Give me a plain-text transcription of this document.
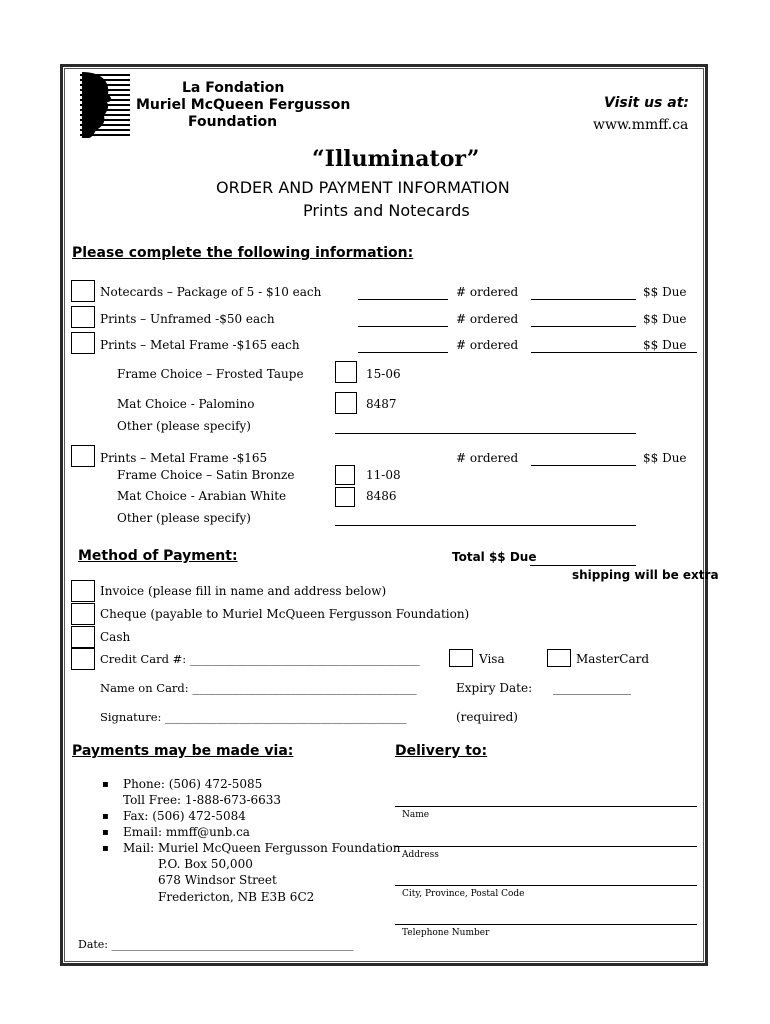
La Fondation
Muriel McQueen Fergusson
Foundation
Visit us at:
www.mmff.ca
“Illuminator”
ORDER AND PAYMENT INFORMATION
Prints and Notecards
Please complete the following information:
Notecards – Package of 5 - $10 each	# ordered	$$ Due
Prints – Unframed -$50 each	# ordered	$$ Due
Prints – Metal Frame -$165 each	# ordered	$$ Due
Frame Choice – Frosted Taupe	15-06
Mat Choice - Palomino	8487
Other (please specify)
Prints – Metal Frame -$165	# ordered	$$ Due
Frame Choice – Satin Bronze	11-08
Mat Choice - Arabian White	8486
Other (please specify)
Method of Payment:	Total $$ Due
shipping will be extra
Invoice (please fill in name and address below)
Cheque (payable to Muriel McQueen Fergusson Foundation)
Cash
Credit Card #: ________________________________________	Visa	MasterCard
Name on Card: _______________________________________	Expiry Date: _____________
Signature: __________________________________________	(required)
Payments may be made via:
▪ Phone: (506) 472-5085
Toll Free: 1-888-673-6633
▪ Fax: (506) 472-5084
▪ Email: mmff@unb.ca
▪ Mail: Muriel McQueen Fergusson Foundation
P.O. Box 50,000
678 Windsor Street
Fredericton, NB E3B 6C2
Date: ____________________________________________
Delivery to:
Name
Address
City, Province, Postal Code
Telephone Number
